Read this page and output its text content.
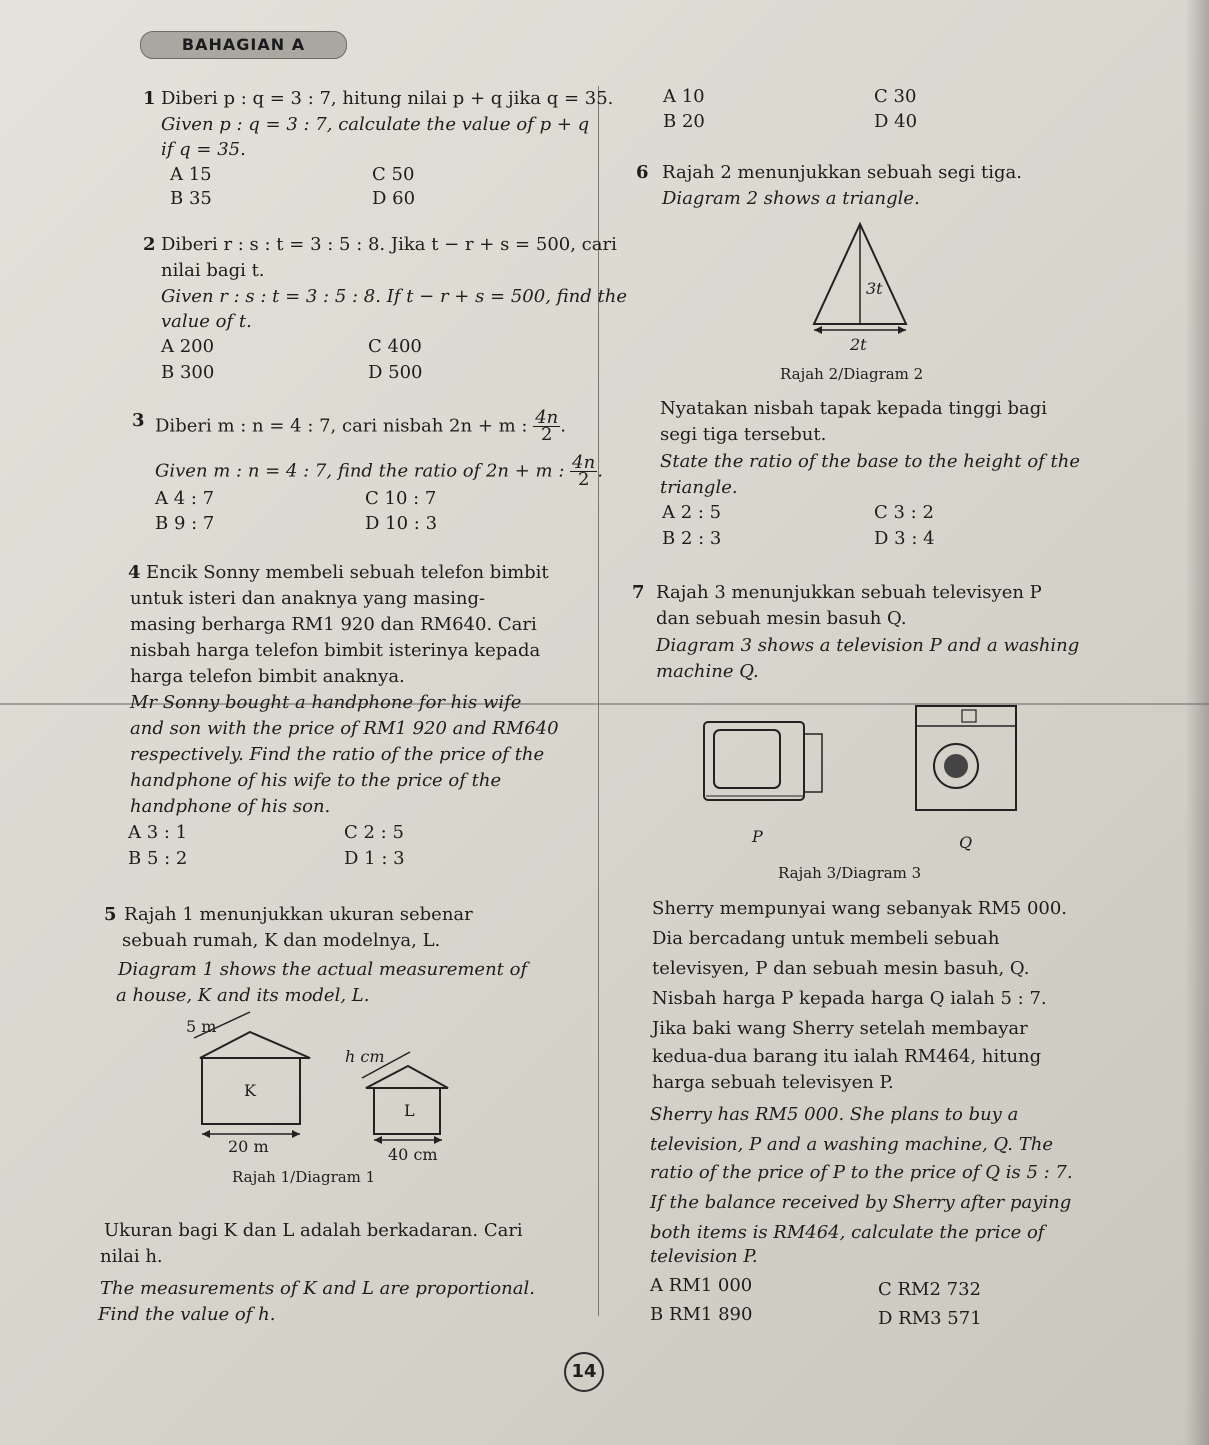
BAHAGIAN A
1 Diberi p : q = 3 : 7, hitung nilai p + q jika q = 35.
Given p : q = 3 : 7, calculate the value of p + q
if q = 35.
A 15
B 35
C 50
D 60
2 Diberi r : s : t = 3 : 5 : 8. Jika t − r + s = 500, cari
nilai bagi t.
Given r : s : t = 3 : 5 : 8. If t − r + s = 500, find the
value of t.
A 200
B 300
C 400
D 500
3 Diberi m : n = 4 : 7, cari nisbah 2n + m : $\frac{4n}{2}$ .
Given m : n = 4 : 7, find the ratio of 2n + m : $\frac{4n}{2}$ .
A 4 : 7
B 9 : 7
C 10 : 7
D 10 : 3
4 Encik Sonny membeli sebuah telefon bimbit
untuk isteri dan anaknya yang masing-
masing berharga RM1 920 dan RM640. Cari
nisbah harga telefon bimbit isterinya kepada
harga telefon bimbit anaknya.
Mr Sonny bought a handphone for his wife
and son with the price of RM1 920 and RM640
respectively. Find the ratio of the price of the
handphone of his wife to the price of the
handphone of his son.
A 3 : 1
B 5 : 2
C 2 : 5
D 1 : 3
5 Rajah 1 menunjukkan ukuran sebenar
sebuah rumah, K dan modelnya, L.
Diagram 1 shows the actual measurement of
a house, K and its model, L.
5 m
K
20 m
h cm
L
40 cm
Rajah 1/Diagram 1
Ukuran bagi K dan L adalah berkadaran. Cari
nilai h.
The measurements of K and L are proportional.
Find the value of h.
A 10
B 20
C 30
D 40
6 Rajah 2 menunjukkan sebuah segi tiga.
Diagram 2 shows a triangle.
3t
2t
Rajah 2/Diagram 2
Nyatakan nisbah tapak kepada tinggi bagi
segi tiga tersebut.
State the ratio of the base to the height of the
triangle.
A 2 : 5
B 2 : 3
C 3 : 2
D 3 : 4
7 Rajah 3 menunjukkan sebuah televisyen P
dan sebuah mesin basuh Q.
Diagram 3 shows a television P and a washing
machine Q.
P	Q
Rajah 3/Diagram 3
Sherry mempunyai wang sebanyak RM5 000.
Dia bercadang untuk membeli sebuah
televisyen, P dan sebuah mesin basuh, Q.
Nisbah harga P kepada harga Q ialah 5 : 7.
Jika baki wang Sherry setelah membayar
kedua-dua barang itu ialah RM464, hitung
harga sebuah televisyen P.
Sherry has RM5 000. She plans to buy a
television, P and a washing machine, Q. The
ratio of the price of P to the price of Q is 5 : 7.
If the balance received by Sherry after paying
both items is RM464, calculate the price of
television P.
A RM1 000
B RM1 890
C RM2 732
D RM3 571
14
